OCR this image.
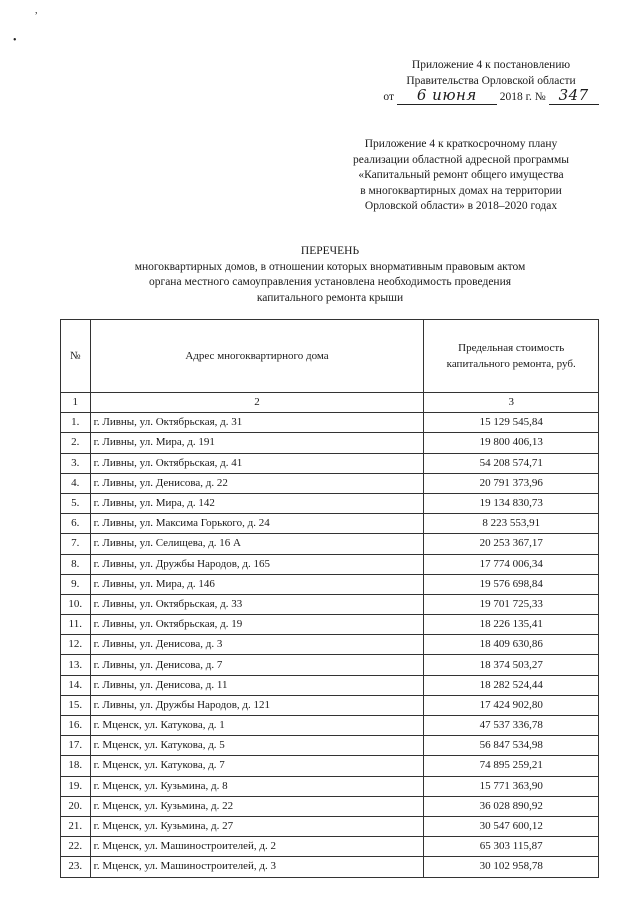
,
•
Приложение 4 к постановлению
Правительства Орловской области
от 6 июня 2018 г. № 347
Приложение 4 к краткосрочному плану
реализации областной адресной программы
«Капитальный ремонт общего имущества
в многоквартирных домах на территории
Орловской области» в 2018–2020 годах
ПЕРЕЧЕНЬ
многоквартирных домов, в отношении которых внормативным правовым актом
органа местного самоуправления установлена необходимость проведения
капитального ремонта крыши
№	Адрес многоквартирного дома	Предельная стоимость капитального ремонта, руб.
1	2	3
1.	г. Ливны, ул. Октябрьская, д. 31	15 129 545,84
2.	г. Ливны, ул. Мира, д. 191	19 800 406,13
3.	г. Ливны, ул. Октябрьская, д. 41	54 208 574,71
4.	г. Ливны, ул. Денисова, д. 22	20 791 373,96
5.	г. Ливны, ул. Мира, д. 142	19 134 830,73
6.	г. Ливны, ул. Максима Горького, д. 24	8 223 553,91
7.	г. Ливны, ул. Селищева, д. 16 А	20 253 367,17
8.	г. Ливны, ул. Дружбы Народов, д. 165	17 774 006,34
9.	г. Ливны, ул. Мира, д. 146	19 576 698,84
10.	г. Ливны, ул. Октябрьская, д. 33	19 701 725,33
11.	г. Ливны, ул. Октябрьская, д. 19	18 226 135,41
12.	г. Ливны, ул. Денисова, д. 3	18 409 630,86
13.	г. Ливны, ул. Денисова, д. 7	18 374 503,27
14.	г. Ливны, ул. Денисова, д. 11	18 282 524,44
15.	г. Ливны, ул. Дружбы Народов, д. 121	17 424 902,80
16.	г. Мценск, ул. Катукова, д. 1	47 537 336,78
17.	г. Мценск, ул. Катукова, д. 5	56 847 534,98
18.	г. Мценск, ул. Катукова, д. 7	74 895 259,21
19.	г. Мценск, ул. Кузьмина, д. 8	15 771 363,90
20.	г. Мценск, ул. Кузьмина, д. 22	36 028 890,92
21.	г. Мценск, ул. Кузьмина, д. 27	30 547 600,12
22.	г. Мценск, ул. Машиностроителей, д. 2	65 303 115,87
23.	г. Мценск, ул. Машиностроителей, д. 3	30 102 958,78
